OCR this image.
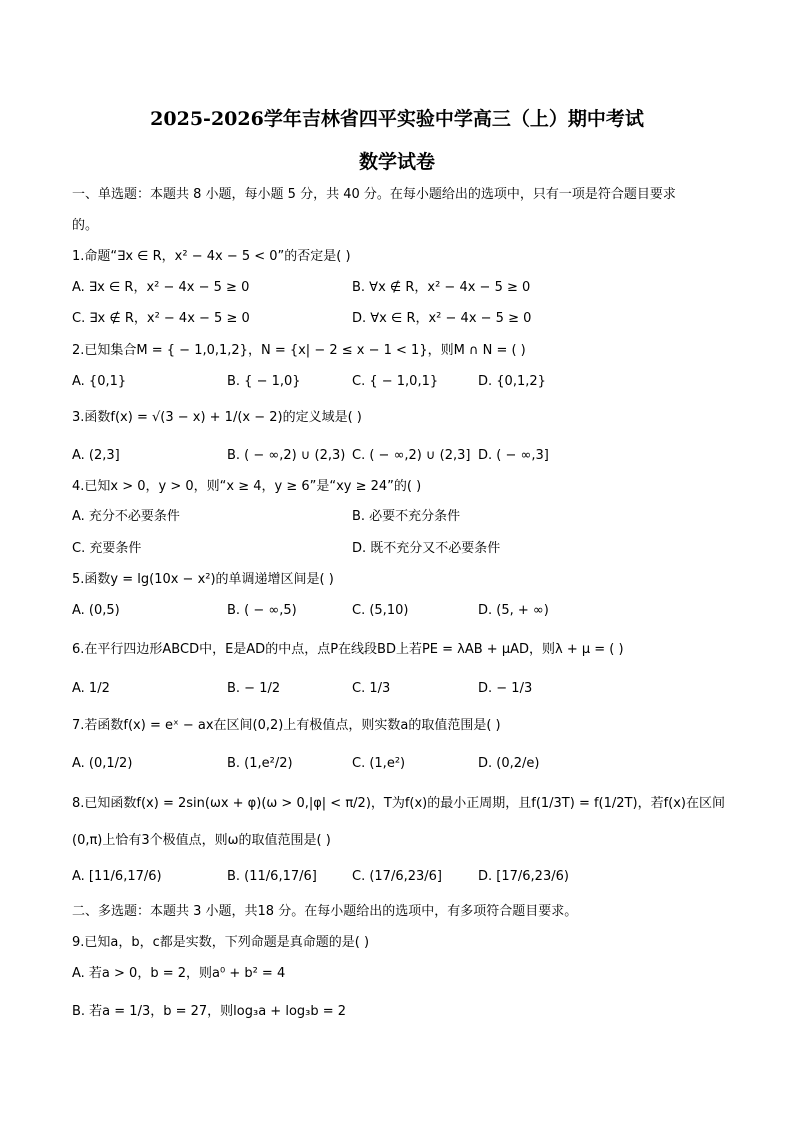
2025-2026学年吉林省四平实验中学高三（上）期中考试
数学试卷
一、单选题：本题共 8 小题，每小题 5 分，共 40 分。在每小题给出的选项中，只有一项是符合题目要求
的。
1.命题“∃x ∈ R，x² − 4x − 5 < 0”的否定是( )
A. ∃x ∈ R，x² − 4x − 5 ≥ 0	B. ∀x ∉ R，x² − 4x − 5 ≥ 0
C. ∃x ∉ R，x² − 4x − 5 ≥ 0	D. ∀x ∈ R，x² − 4x − 5 ≥ 0
2.已知集合M = { − 1,0,1,2}，N = {x| − 2 ≤ x − 1 < 1}，则M ∩ N = ( )
A. {0,1}	B. { − 1,0}	C. { − 1,0,1}	D. {0,1,2}
3.函数f(x) = √(3 − x) + 1/(x − 2)的定义域是( )
A. (2,3]	B. ( − ∞,2) ∪ (2,3) C. ( − ∞,2) ∪ (2,3] D. ( − ∞,3]
4.已知x > 0，y > 0，则“x ≥ 4，y ≥ 6”是“xy ≥ 24”的( )
A. 充分不必要条件	B. 必要不充分条件
C. 充要条件	D. 既不充分又不必要条件
5.函数y = lg(10x − x²)的单调递增区间是( )
A. (0,5)	B. ( − ∞,5)	C. (5,10)	D. (5, + ∞)
6.在平行四边形ABCD中，E是AD的中点，点P在线段BD上若PE = λAB + μAD，则λ + μ = ( )
A. 1/2	B. − 1/2	C. 1/3	D. − 1/3
7.若函数f(x) = eˣ − ax在区间(0,2)上有极值点，则实数a的取值范围是( )
A. (0,1/2)	B. (1,e²/2)	C. (1,e²)	D. (0,2/e)
8.已知函数f(x) = 2sin(ωx + φ)(ω > 0,|φ| < π/2)，T为f(x)的最小正周期，且f(1/3T) = f(1/2T)，若f(x)在区间
(0,π)上恰有3个极值点，则ω的取值范围是( )
A. [11/6,17/6)	B. (11/6,17/6]	C. (17/6,23/6]	D. [17/6,23/6)
二、多选题：本题共 3 小题，共18 分。在每小题给出的选项中，有多项符合题目要求。
9.已知a，b，c都是实数，下列命题是真命题的是( )
A. 若a > 0，b = 2，则a⁰ + b² = 4
B. 若a = 1/3，b = 27，则log₃a + log₃b = 2
